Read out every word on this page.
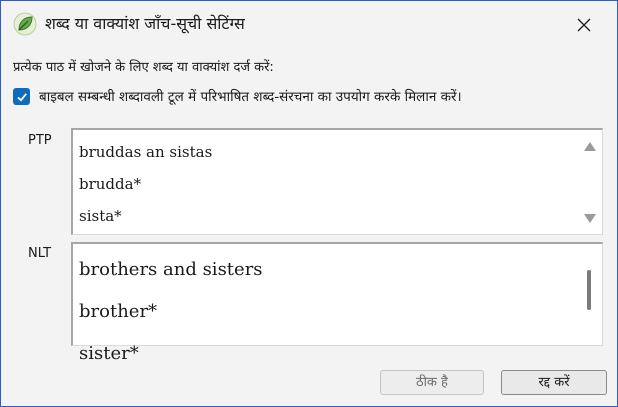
शब्द या वाक्यांश जाँच-सूची सेटिंग्स
प्रत्येक पाठ में खोजने के लिए शब्द या वाक्यांश दर्ज करें:
बाइबल सम्बन्धी शब्दावली टूल में परिभाषित शब्द-संरचना का उपयोग करके मिलान करें।
PTP
bruddas an sistas
brudda*
sista*
NLT
brothers and sisters
brother*
sister*
ठीक है	रद्द करें
